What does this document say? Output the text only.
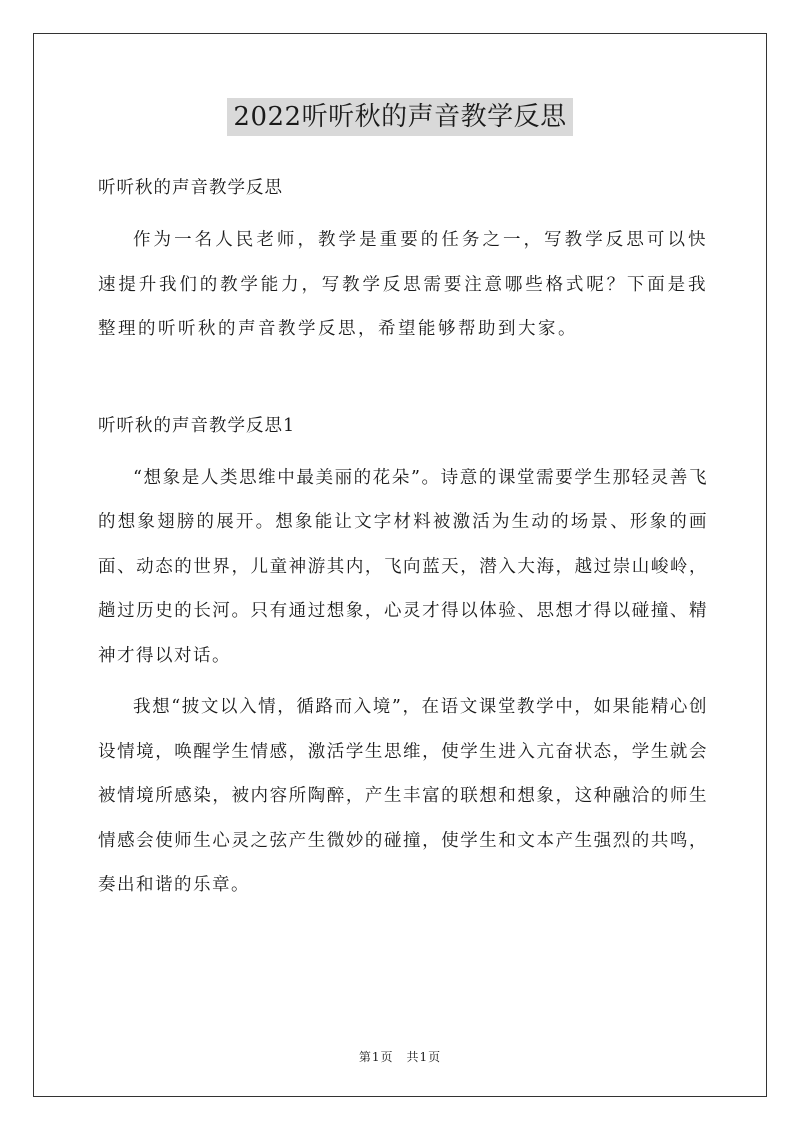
2022听听秋的声音教学反思

听听秋的声音教学反思

作为一名人民老师，教学是重要的任务之一，写教学反思可以快速提升我们的教学能力，写教学反思需要注意哪些格式呢？下面是我整理的听听秋的声音教学反思，希望能够帮助到大家。

听听秋的声音教学反思1

“想象是人类思维中最美丽的花朵”。诗意的课堂需要学生那轻灵善飞的想象翅膀的展开。想象能让文字材料被激活为生动的场景、形象的画面、动态的世界，儿童神游其内，飞向蓝天，潜入大海，越过崇山峻岭，趟过历史的长河。只有通过想象，心灵才得以体验、思想才得以碰撞、精神才得以对话。

我想“披文以入情，循路而入境”，在语文课堂教学中，如果能精心创设情境，唤醒学生情感，激活学生思维，使学生进入亢奋状态，学生就会被情境所感染，被内容所陶醉，产生丰富的联想和想象，这种融洽的师生情感会使师生心灵之弦产生微妙的碰撞，使学生和文本产生强烈的共鸣，奏出和谐的乐章。

第1页　共1页
